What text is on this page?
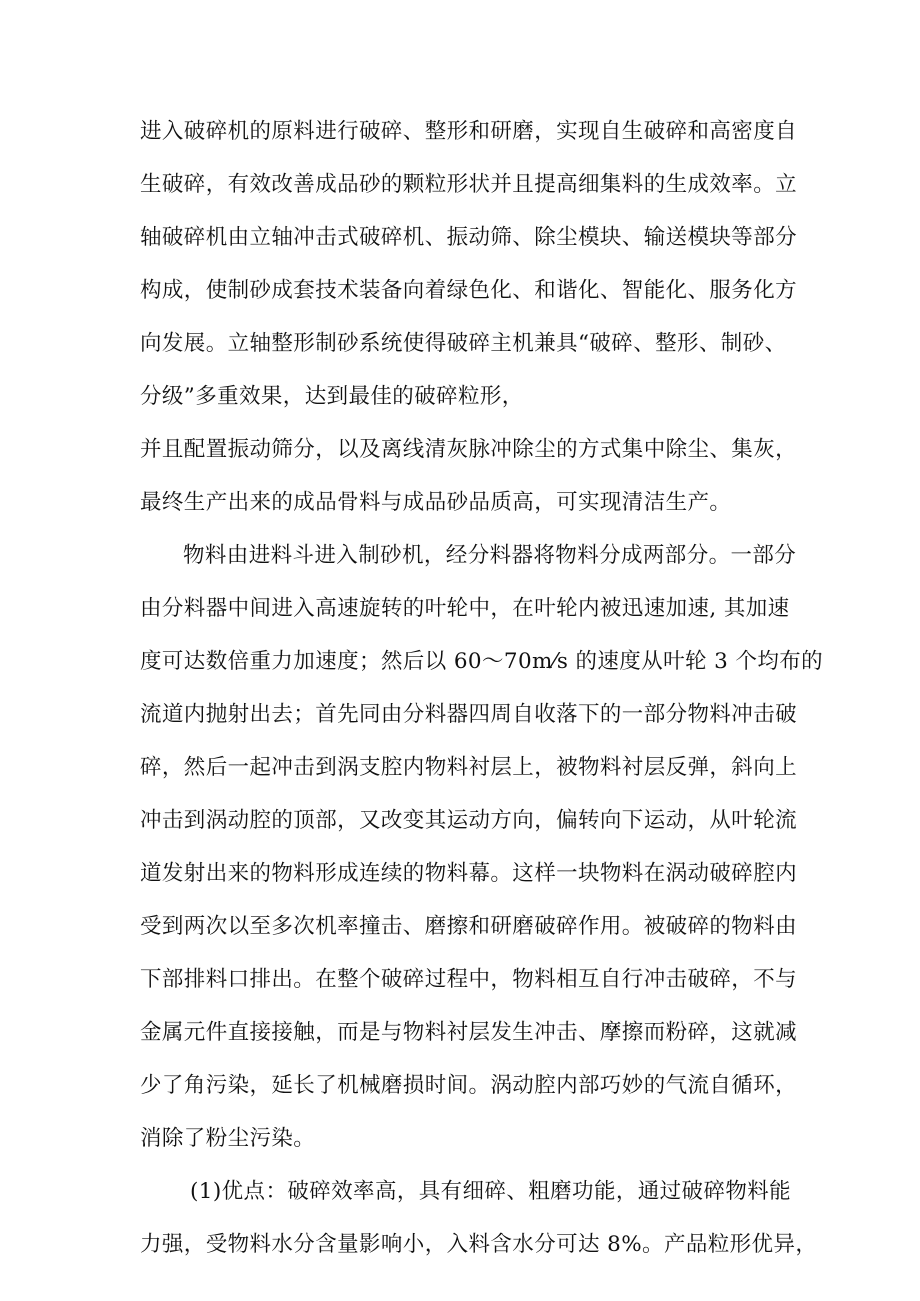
进入破碎机的原料进行破碎、整形和研磨，实现自生破碎和高密度自
生破碎，有效改善成品砂的颗粒形状并且提高细集料的生成效率。立
轴破碎机由立轴冲击式破碎机、振动筛、除尘模块、输送模块等部分
构成，使制砂成套技术装备向着绿色化、和谐化、智能化、服务化方
向发展。立轴整形制砂系统使得破碎主机兼具“破碎、整形、制砂、
分级”多重效果，达到最佳的破碎粒形，
并且配置振动筛分，以及离线清灰脉冲除尘的方式集中除尘、集灰，
最终生产出来的成品骨料与成品砂品质高，可实现清洁生产。
物料由进料斗进入制砂机，经分料器将物料分成两部分。一部分
由分料器中间进入高速旋转的叶轮中，在叶轮内被迅速加速, 其加速
度可达数倍重力加速度；然后以 60～70m⁄s 的速度从叶轮 3 个均布的
流道内抛射出去；首先同由分料器四周自收落下的一部分物料冲击破
碎，然后一起冲击到涡支腔内物料衬层上，被物料衬层反弹，斜向上
冲击到涡动腔的顶部，又改变其运动方向，偏转向下运动，从叶轮流
道发射出来的物料形成连续的物料幕。这样一块物料在涡动破碎腔内
受到两次以至多次机率撞击、磨擦和研磨破碎作用。被破碎的物料由
下部排料口排出。在整个破碎过程中，物料相互自行冲击破碎，不与
金属元件直接接触，而是与物料衬层发生冲击、摩擦而粉碎，这就减
少了角污染，延长了机械磨损时间。涡动腔内部巧妙的气流自循环，
消除了粉尘污染。
(1)优点：破碎效率高，具有细碎、粗磨功能，通过破碎物料能
力强，受物料水分含量影响小，入料含水分可达 8%。产品粒形优异，
